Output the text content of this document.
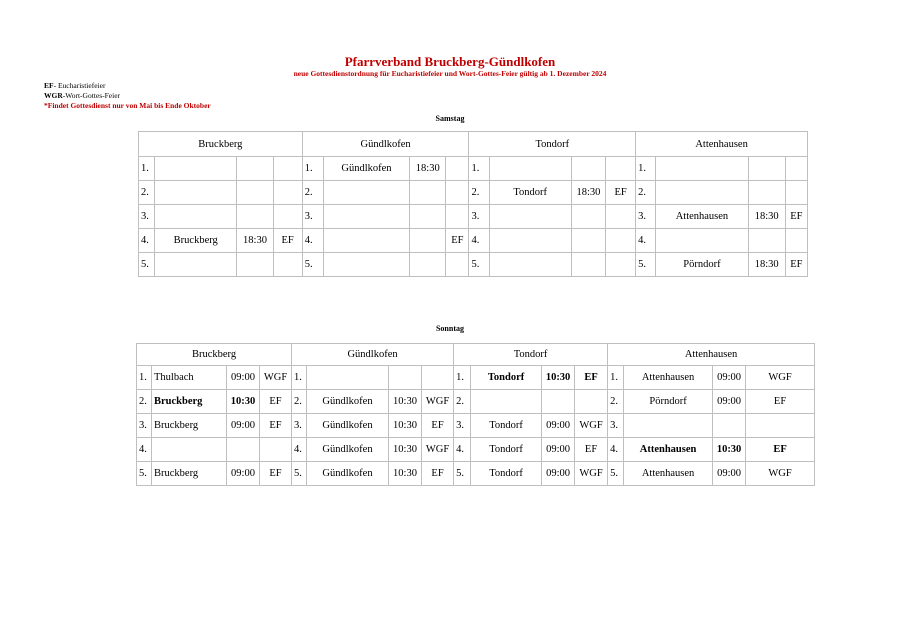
Pfarrverband Bruckberg-Gündlkofen
neue Gottesdienstordnung für Eucharistiefeier und Wort-Gottes-Feier gültig ab 1. Dezember 2024
EF- Eucharistiefeier
WGR-Wort-Gottes-Feier
*Findet Gottesdienst nur von Mai bis Ende Oktober
Samstag
Bruckberg				Gündlkofen				Tondorf				Attenhausen			
1.				1.	Gündlkofen	18:30		1.				1.			
2.				2.				2.	Tondorf	18:30	EF	2.			
3.				3.				3.				3.	Attenhausen	18:30	EF
4.	Bruckberg	18:30	EF	4.			EF	4.				4.			
5.				5.				5.				5.	Pörndorf	18:30	EF
Sonntag
Bruckberg				Gündlkofen				Tondorf				Attenhausen			
1.	Thulbach	09:00	WGF	1.				1.	Tondorf	10:30	EF	1.	Attenhausen	09:00	WGF
2.	Bruckberg	10:30	EF	2.	Gündlkofen	10:30	WGF	2.				2.	Pörndorf	09:00	EF
3.	Bruckberg	09:00	EF	3.	Gündlkofen	10:30	EF	3.	Tondorf	09:00	WGF	3.			
4.				4.	Gündlkofen	10:30	WGF	4.	Tondorf	09:00	EF	4.	Attenhausen	10:30	EF
5.	Bruckberg	09:00	EF	5.	Gündlkofen	10:30	EF	5.	Tondorf	09:00	WGF	5.	Attenhausen	09:00	WGF
